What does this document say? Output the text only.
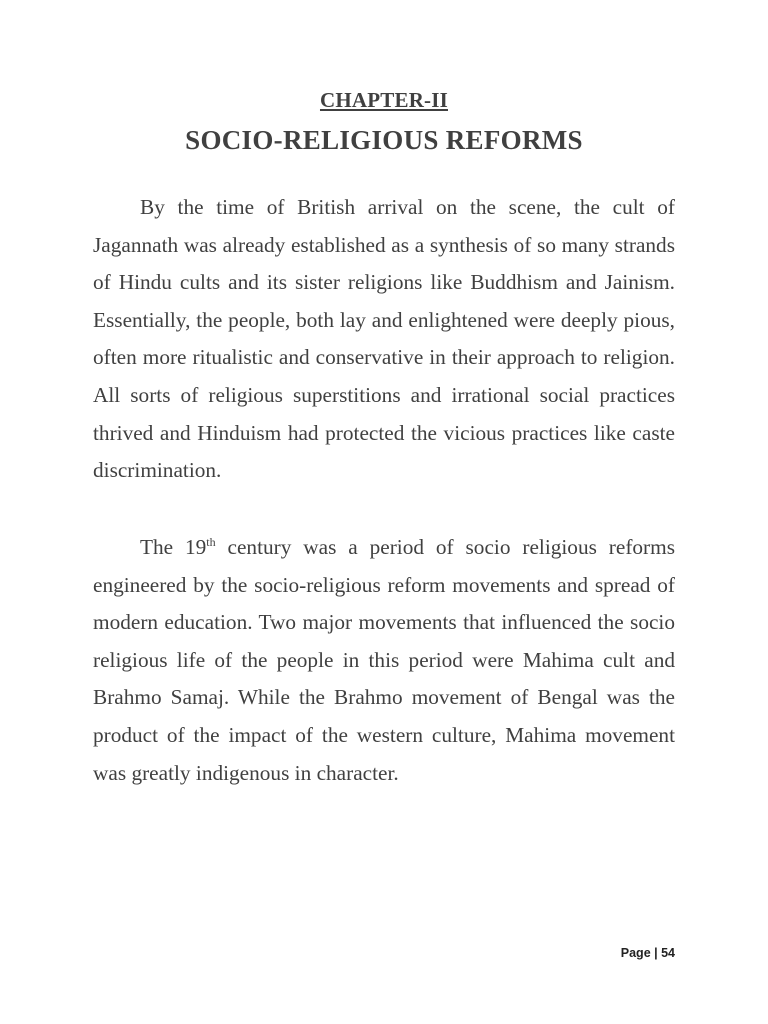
CHAPTER-II
SOCIO-RELIGIOUS REFORMS

By the time of British arrival on the scene, the cult of Jagannath was already established as a synthesis of so many strands of Hindu cults and its sister religions like Buddhism and Jainism. Essentially, the people, both lay and enlightened were deeply pious, often more ritualistic and conservative in their approach to religion. All sorts of religious superstitions and irrational social practices thrived and Hinduism had protected the vicious practices like caste discrimination.

The 19th century was a period of socio religious reforms engineered by the socio-religious reform movements and spread of modern education. Two major movements that influenced the socio religious life of the people in this period were Mahima cult and Brahmo Samaj. While the Brahmo movement of Bengal was the product of the impact of the western culture, Mahima movement was greatly indigenous in character.

Page | 54
